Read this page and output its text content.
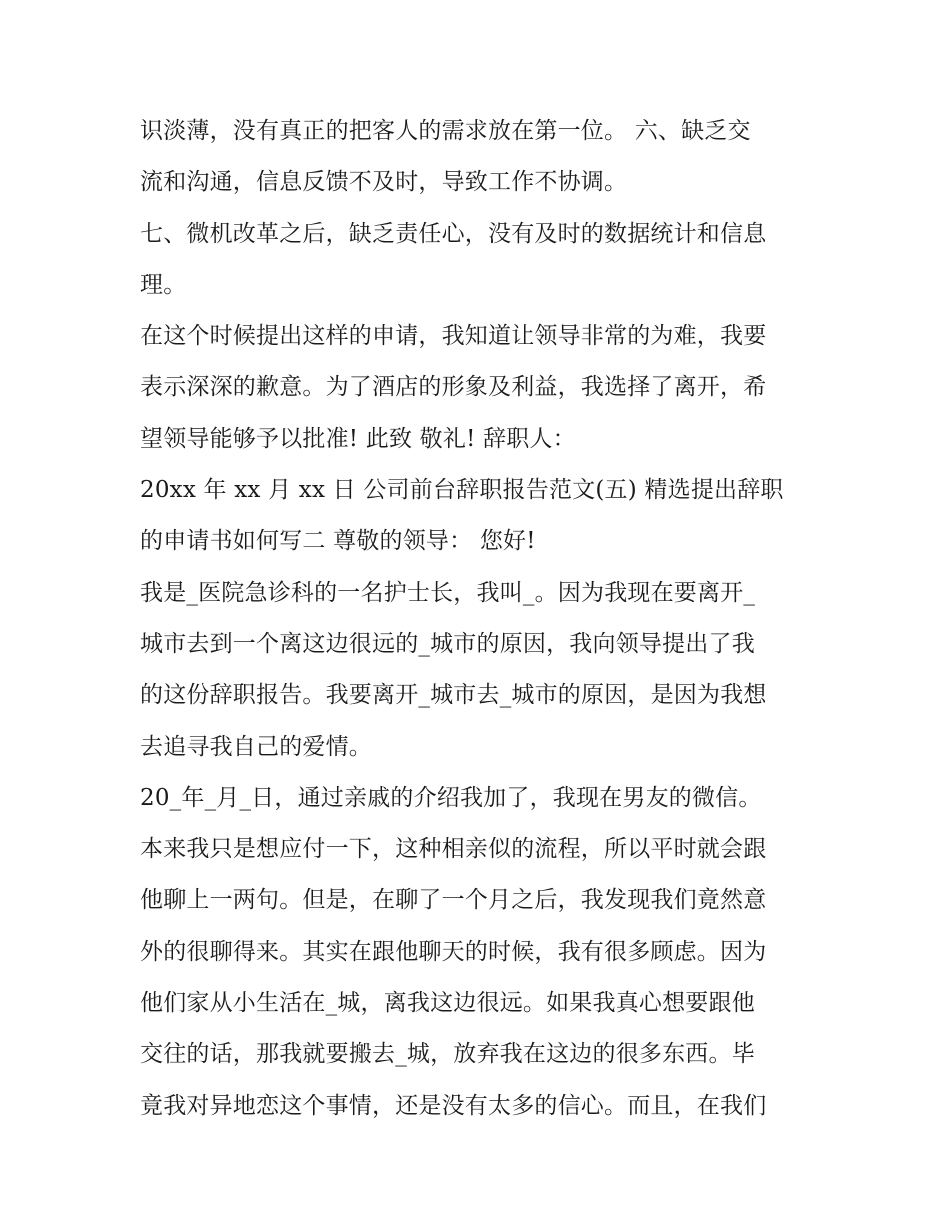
识淡薄，没有真正的把客人的需求放在第一位。 六、缺乏交
流和沟通，信息反馈不及时，导致工作不协调。
七、微机改革之后，缺乏责任心，没有及时的数据统计和信息
理。
在这个时候提出这样的申请，我知道让领导非常的为难，我要
表示深深的歉意。为了酒店的形象及利益，我选择了离开，希
望领导能够予以批准! 此致 敬礼! 辞职人：
20xx 年 xx 月 xx 日 公司前台辞职报告范文(五) 精选提出辞职
的申请书如何写二 尊敬的领导： 您好!
我是_医院急诊科的一名护士长，我叫_。因为我现在要离开_
城市去到一个离这边很远的_城市的原因，我向领导提出了我
的这份辞职报告。我要离开_城市去_城市的原因，是因为我想
去追寻我自己的爱情。
20_年_月_日，通过亲戚的介绍我加了，我现在男友的微信。
本来我只是想应付一下，这种相亲似的流程，所以平时就会跟
他聊上一两句。但是，在聊了一个月之后，我发现我们竟然意
外的很聊得来。其实在跟他聊天的时候，我有很多顾虑。因为
他们家从小生活在_城，离我这边很远。如果我真心想要跟他
交往的话，那我就要搬去_城，放弃我在这边的很多东西。毕
竟我对异地恋这个事情，还是没有太多的信心。而且，在我们
